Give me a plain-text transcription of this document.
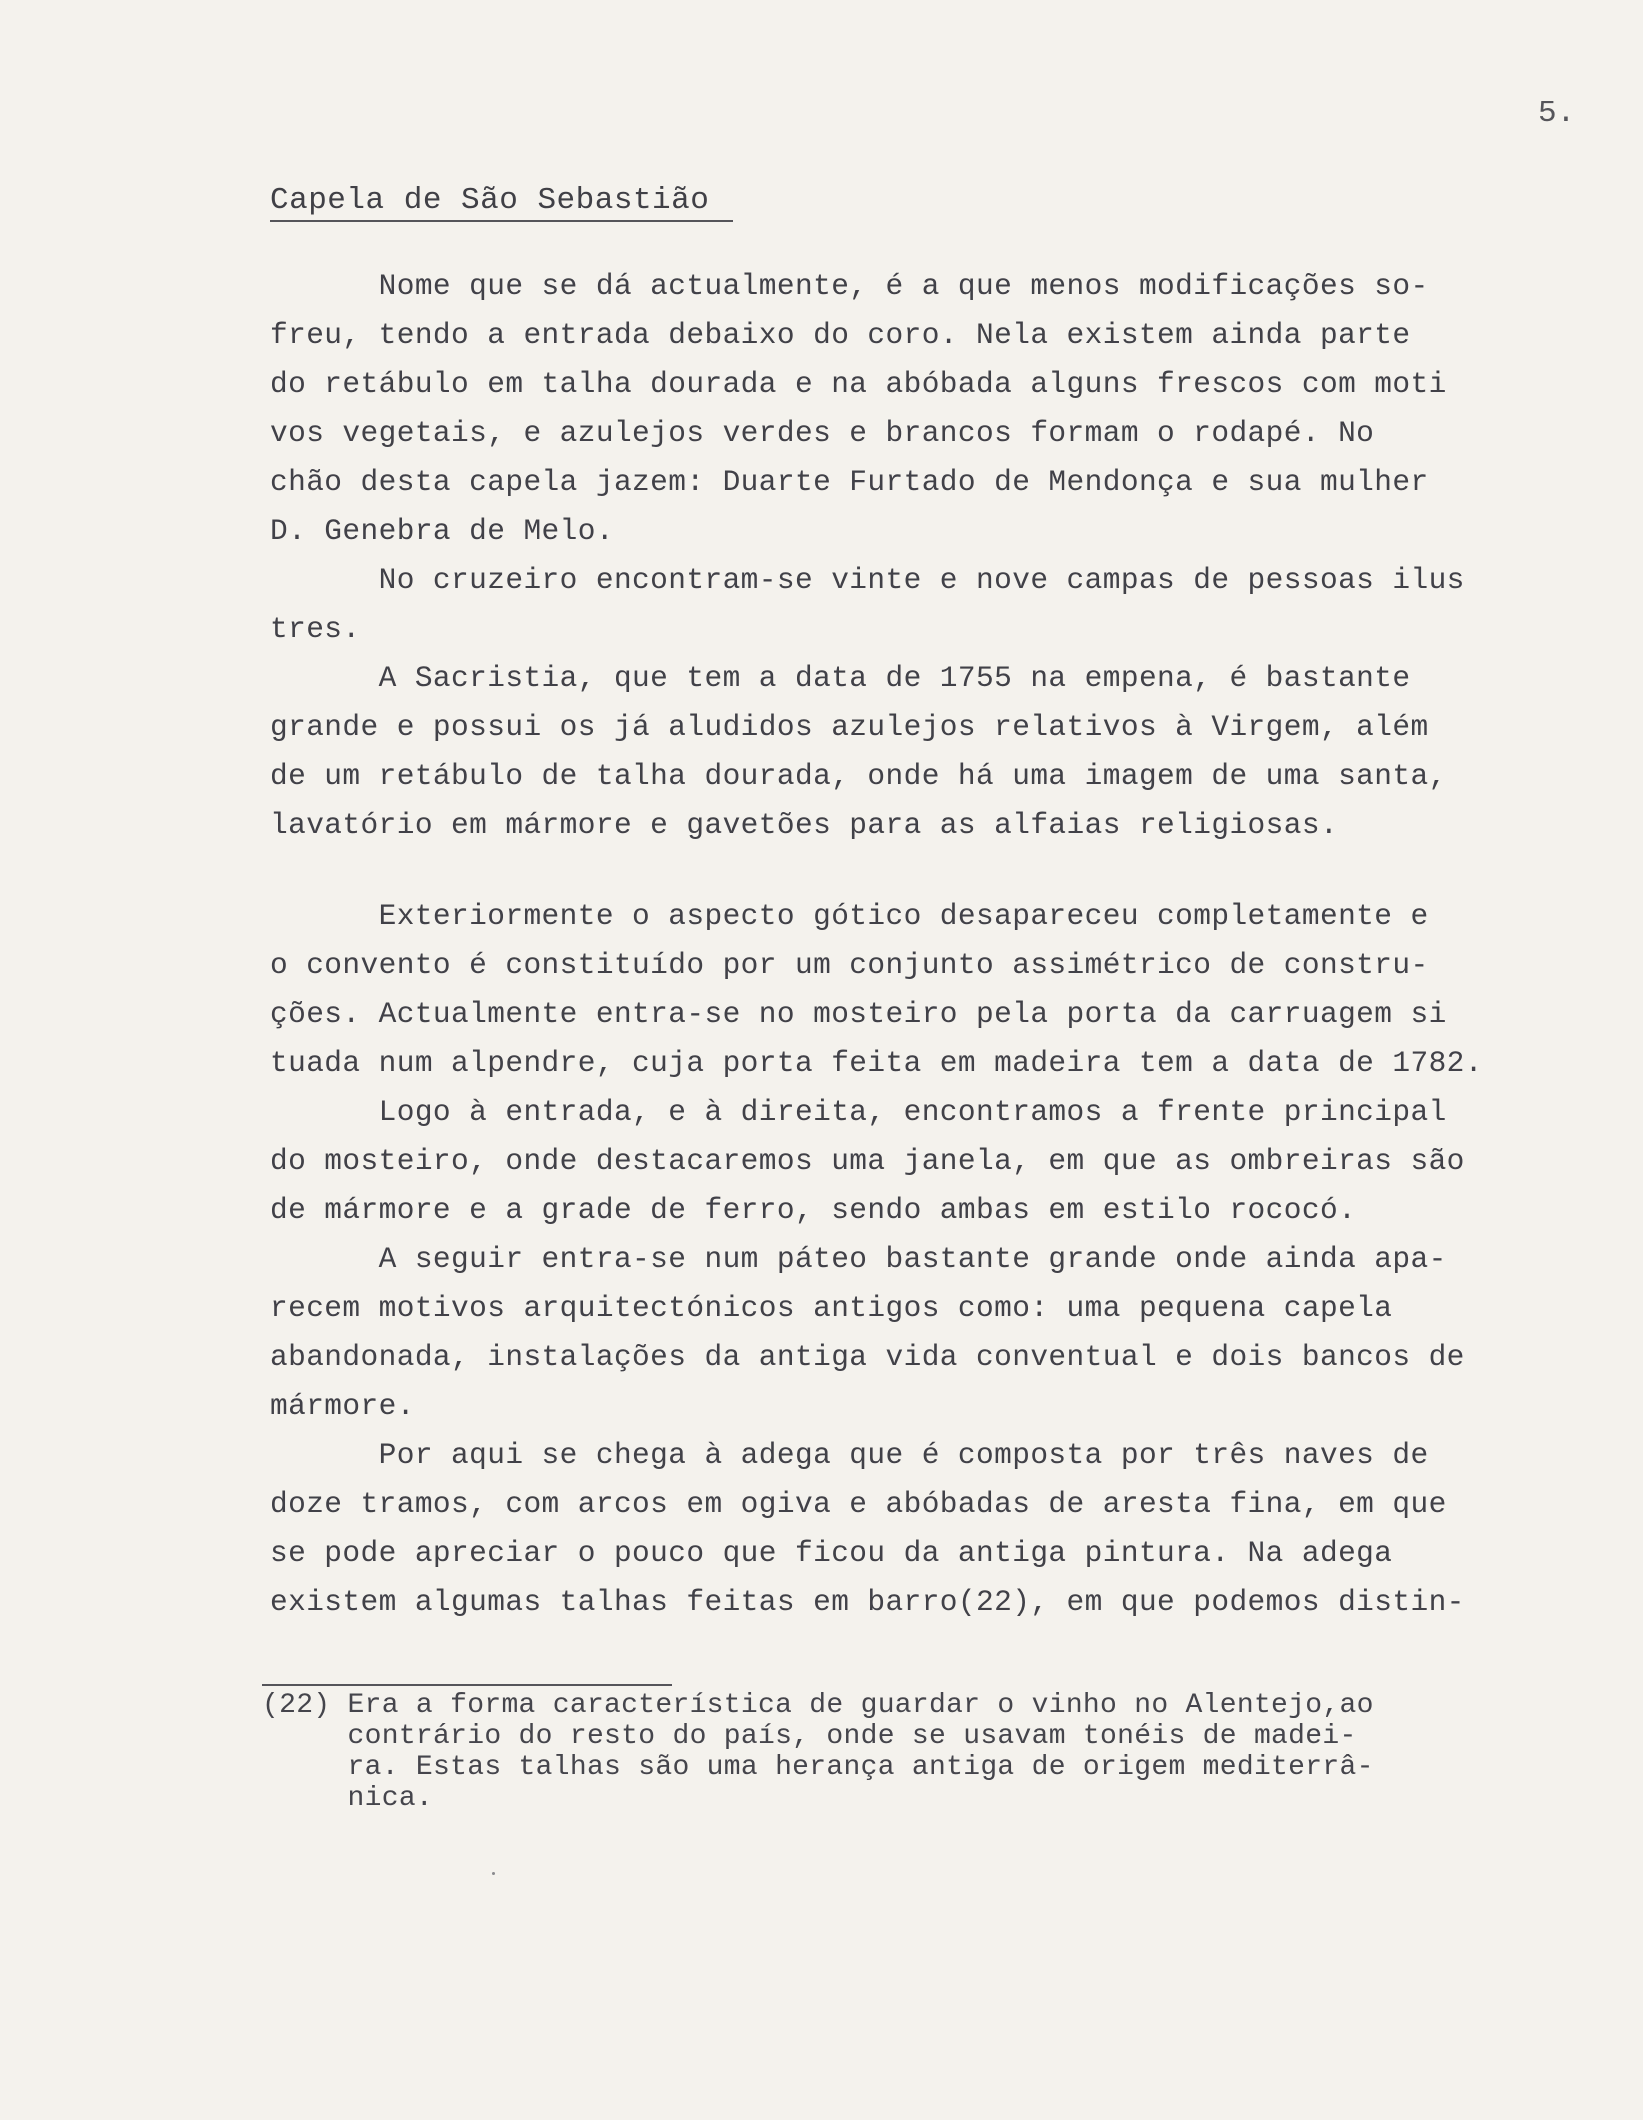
5.
Capela de São Sebastião
Nome que se dá actualmente, é a que menos modificações so-
freu, tendo a entrada debaixo do coro. Nela existem ainda parte
do retábulo em talha dourada e na abóbada alguns frescos com moti
vos vegetais, e azulejos verdes e brancos formam o rodapé. No
chão desta capela jazem: Duarte Furtado de Mendonça e sua mulher
D. Genebra de Melo.
No cruzeiro encontram-se vinte e nove campas de pessoas ilus
tres.
A Sacristia, que tem a data de 1755 na empena, é bastante
grande e possui os já aludidos azulejos relativos à Virgem, além
de um retábulo de talha dourada, onde há uma imagem de uma santa,
lavatório em mármore e gavetões para as alfaias religiosas.
Exteriormente o aspecto gótico desapareceu completamente e
o convento é constituído por um conjunto assimétrico de constru-
ções. Actualmente entra-se no mosteiro pela porta da carruagem si
tuada num alpendre, cuja porta feita em madeira tem a data de 1782.
Logo à entrada, e à direita, encontramos a frente principal
do mosteiro, onde destacaremos uma janela, em que as ombreiras são
de mármore e a grade de ferro, sendo ambas em estilo rococó.
A seguir entra-se num páteo bastante grande onde ainda apa-
recem motivos arquitectónicos antigos como: uma pequena capela
abandonada, instalações da antiga vida conventual e dois bancos de
mármore.
Por aqui se chega à adega que é composta por três naves de
doze tramos, com arcos em ogiva e abóbadas de aresta fina, em que
se pode apreciar o pouco que ficou da antiga pintura. Na adega
existem algumas talhas feitas em barro(22), em que podemos distin-
(22) Era a forma característica de guardar o vinho no Alentejo,ao
contrário do resto do país, onde se usavam tonéis de madei-
ra. Estas talhas são uma herança antiga de origem mediterrâ-
nica.
